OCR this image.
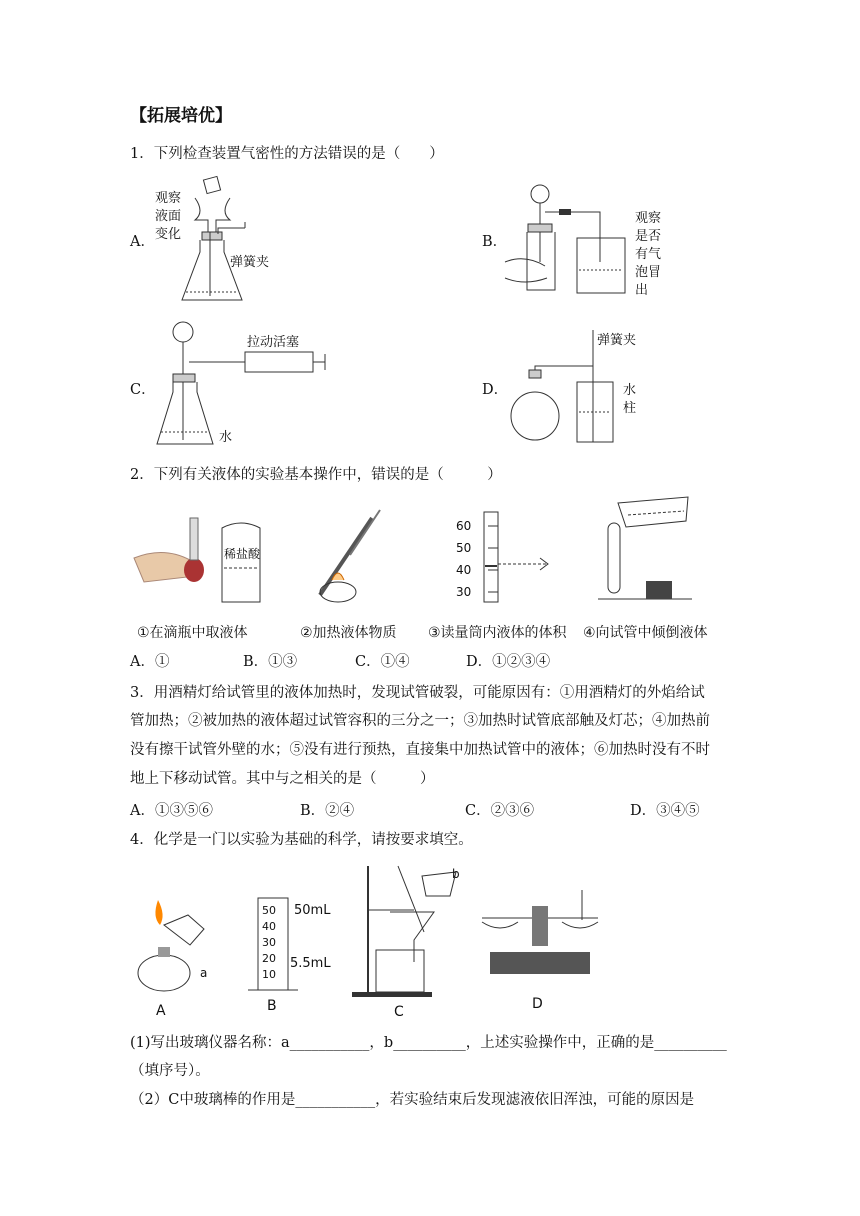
【拓展培优】
1．下列检查装置气密性的方法错误的是（　　）
A．	B．
C．	D．
观察
液面
变化
弹簧夹
观察
是否
有气
泡冒
出
拉动活塞
水
弹簧夹
水
柱
2．下列有关液体的实验基本操作中，错误的是（　　　）
稀盐酸
60
50
40
30
①在滴瓶中取液体	②加热液体物质 ③读量筒内液体的体积 ④向试管中倾倒液体
A．①	B．①③	C．①④	D．①②③④
3．用酒精灯给试管里的液体加热时，发现试管破裂，可能原因有：①用酒精灯的外焰给试
管加热；②被加热的液体超过试管容积的三分之一；③加热时试管底部触及灯芯；④加热前
没有擦干试管外壁的水；⑤没有进行预热，直接集中加热试管中的液体；⑥加热时没有不时
地上下移动试管。其中与之相关的是（　　　）
A．①③⑤⑥	B．②④	C．②③⑥	D．③④⑤
4．化学是一门以实验为基础的科学，请按要求填空。
a
A
50
40
30
20
10
50mL
5.5mL
B
b
C	D
(1)写出玻璃仪器名称：a___________，b__________，上述实验操作中，正确的是__________
（填序号）。
（2）C中玻璃棒的作用是___________，若实验结束后发现滤液依旧浑浊，可能的原因是
